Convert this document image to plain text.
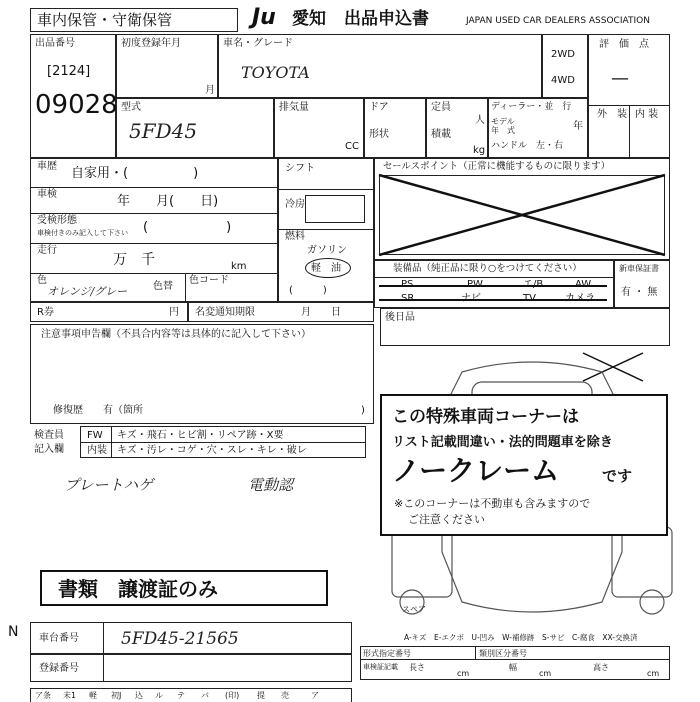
車内保管・守衛保管	Ju 愛知 出品申込書	JAPAN USED CAR DEALERS ASSOCIATION
出品番号
[2124]
09028
初度登録年月
月
車名・グレード
TOYOTA
2WD
4WD
評　価　点
—
外　装 内 装
型式
5FD45
排気量
CC
ドア
形状
定員
人
積載
kg
ディーラー・並　行
モデル
年　式	年
ハンドル　左・右
車歴 自家用・(　　　　　)
車検	年　　月(　　日)
受検形態
車検付きのみ記入して下さい (　　　　　　)
走行
万　千	km
色
オレンジ/グレー	色替
色コード
R券	円 名変通知期限	月　　日
シフト
冷房
燃料
ガソリン
軽　油
(　　　)
セールスポイント（正常に機能するものに限ります）
装備品（純正品に限り○をつけてください）
PS	PW	エ/B	AW
SR	ナビ	TV	カメラ
新車保証書
有 ・ 無
後日品
注意事項申告欄（不具合内容等は具体的に記入して下さい）
修復歴　　有（箇所	)
検査員
記入欄
FW キズ・飛石・ヒビ割・リペア跡・X要
内装 キズ・汚レ・コゲ・穴・スレ・キレ・破レ
プレートハゲ	電動認
スペア
A-キズ　E-エクボ　U-凹み　W-補修跡　S-サビ　C-腐食　XX-交換済
この特殊車両コーナーは
リスト記載間違い・法的問題車を除き
ノークレーム	です
※このコーナーは不動車も含みますので
ご注意ください
書類　譲渡証のみ
N 車台番号 5FD45-21565
登録番号
形式指定番号	類別区分番号
車検証記載 長さ
cm
幅
cm
高さ
cm
ア条 未1 軽 初J 込 ル テ バ (印) 提 売	ア
